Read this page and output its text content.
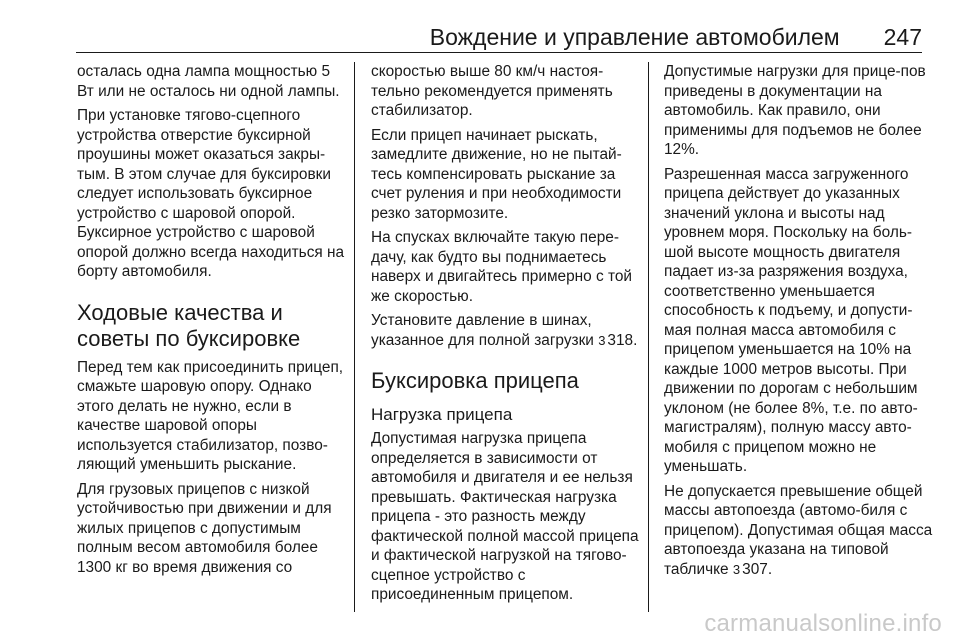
Вождение и управление автомобилем 247

осталась одна лампа мощностью 5 Вт или не осталось ни одной лампы.

При установке тягово-сцепного устройства отверстие буксирной проушины может оказаться закры-тым. В этом случае для буксировки следует использовать буксирное устройство с шаровой опорой. Буксирное устройство с шаровой опорой должно всегда находиться на борту автомобиля.

Ходовые качества и советы по буксировке

Перед тем как присоединить прицеп, смажьте шаровую опору. Однако этого делать не нужно, если в качестве шаровой опоры используется стабилизатор, позво-ляющий уменьшить рыскание.

Для грузовых прицепов с низкой устойчивостью при движении и для жилых прицепов с допустимым полным весом автомобиля более 1300 кг во время движения со

скоростью выше 80 км/ч настоя-тельно рекомендуется применять стабилизатор.

Если прицеп начинает рыскать, замедлите движение, но не пытай-тесь компенсировать рыскание за счет руления и при необходимости резко затормозите.

На спусках включайте такую пере-дачу, как будто вы поднимаетесь наверх и двигайтесь примерно с той же скоростью.

Установите давление в шинах, указанное для полной загрузки 3 318.

Буксировка прицепа
Нагрузка прицепа

Допустимая нагрузка прицепа определяется в зависимости от автомобиля и двигателя и ее нельзя превышать. Фактическая нагрузка прицепа - это разность между фактической полной массой прицепа и фактической нагрузкой на тягово-сцепное устройство с присоединенным прицепом.

Допустимые нагрузки для прице-пов приведены в документации на автомобиль. Как правило, они применимы для подъемов не более 12%.

Разрешенная масса загруженного прицепа действует до указанных значений уклона и высоты над уровнем моря. Поскольку на боль-шой высоте мощность двигателя падает из-за разряжения воздуха, соответственно уменьшается способность к подъему, и допусти-мая полная масса автомобиля с прицепом уменьшается на 10% на каждые 1000 метров высоты. При движении по дорогам с небольшим уклоном (не более 8%, т.е. по авто-магистралям), полную массу авто-мобиля с прицепом можно не уменьшать.

Не допускается превышение общей массы автопоезда (автомо-биля с прицепом). Допустимая общая масса автопоезда указана на типовой табличке 3 307.

carmanualsonline.info
